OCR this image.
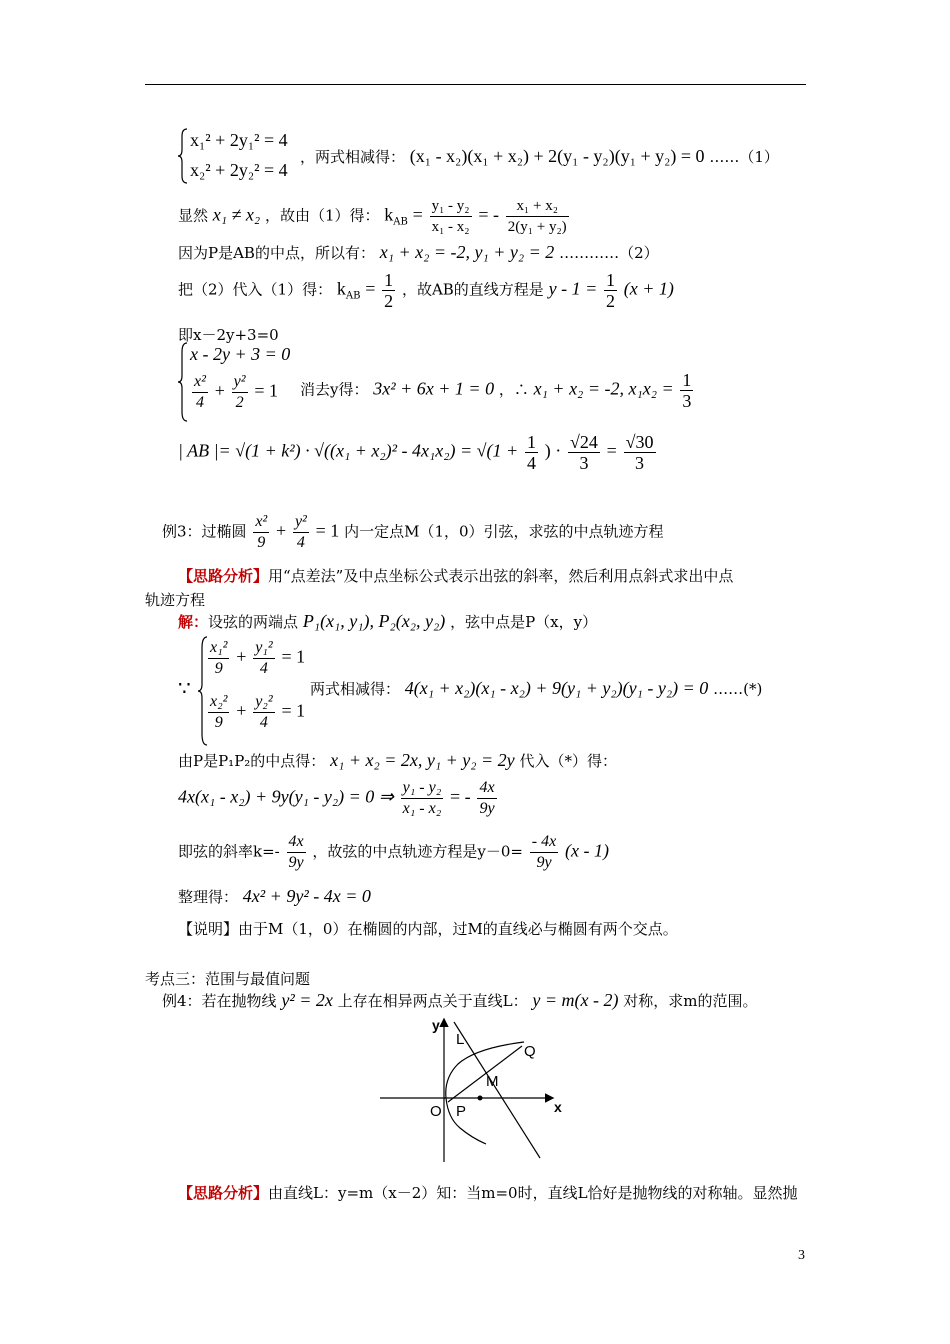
x₁² + 2y₁² = 4
x₂² + 2y₂² = 4
，两式相减得： (x₁ - x₂)(x₁ + x₂) + 2(y₁ - y₂)(y₁ + y₂) = 0 ……（1）
显然 x₁ ≠ x₂ ，故由（1）得： $k_{AB} = \frac{\text{y₁ - y₂}}{\text{x₁ - x₂}}$ = - $\frac{\text{x₁ + x₂}}{\text{2(y₁ + y₂)}}$
因为P是AB的中点，所以有： x₁ + x₂ = -2, y₁ + y₂ = 2 …………（2）
把（2）代入（1）得： $k_{AB} = \frac{1}{2}$ ，故AB的直线方程是 $y - 1 = \frac{1}{2} (x + 1)$
即x－2y+3=0
x - 2y + 3 = 0
$\frac{\text{x²}}{4} + \frac{\text{y²}}{2} = 1$ 消去y得： 3x² + 6x + 1 = 0 ，∴ x₁ + x₂ = -2, $x_1x_2 = \frac{1}{3}$
| AB |= $√(1 + k^2) \cdot √((x_1 + x_2)^2 - 4x_1x_2) = √(1 + \frac{1}{4}$ ) · $\frac{√24}{3} = \frac{√30}{3}$
例3：过椭圆 $\frac{\text{x²}}{9} + \frac{\text{y²}}{4} = 1$ 内一定点M（1，0）引弦，求弦的中点轨迹方程
【思路分析】用“点差法”及中点坐标公式表示出弦的斜率，然后利用点斜式求出中点
轨迹方程
解：设弦的两端点 P₁(x₁, y₁), P₂(x₂, y₂) ，弦中点是P（x，y）
∵
$\frac{\text{x₁²}}{9} + \frac{\text{y₁²}}{4} = 1$
$\frac{\text{x₂²}}{9} + \frac{\text{y₂²}}{4} = 1$
两式相减得： 4(x₁ + x₂)(x₁ - x₂) + 9(y₁ + y₂)(y₁ - y₂) = 0 ……(*)
由P是P₁P₂的中点得： x₁ + x₂ = 2x, y₁ + y₂ = 2y 代入（*）得：
4x(x₁ - x₂) + 9y(y₁ - y₂) = 0 ⇒ $\frac{\text{y₁ - y₂}}{\text{x₁ - x₂}}$ = - $\frac{4x}{9y}$
即弦的斜率$k=- \frac{4x}{9y}$ ，故弦的中点轨迹方程是$y-0= \frac{- 4x}{9y} (x - 1)$
整理得： 4x² + 9y² - 4x = 0
【说明】由于M（1，0）在椭圆的内部，过M的直线必与椭圆有两个交点。
考点三：范围与最值问题
例4：若在抛物线 y² = 2x 上存在相异两点关于直线L： y = m(x - 2) 对称，求m的范围。
y
x
L
Q
M
O P
【思路分析】由直线L：y=m（x－2）知：当m=0时，直线L恰好是抛物线的对称轴。显然抛
3
